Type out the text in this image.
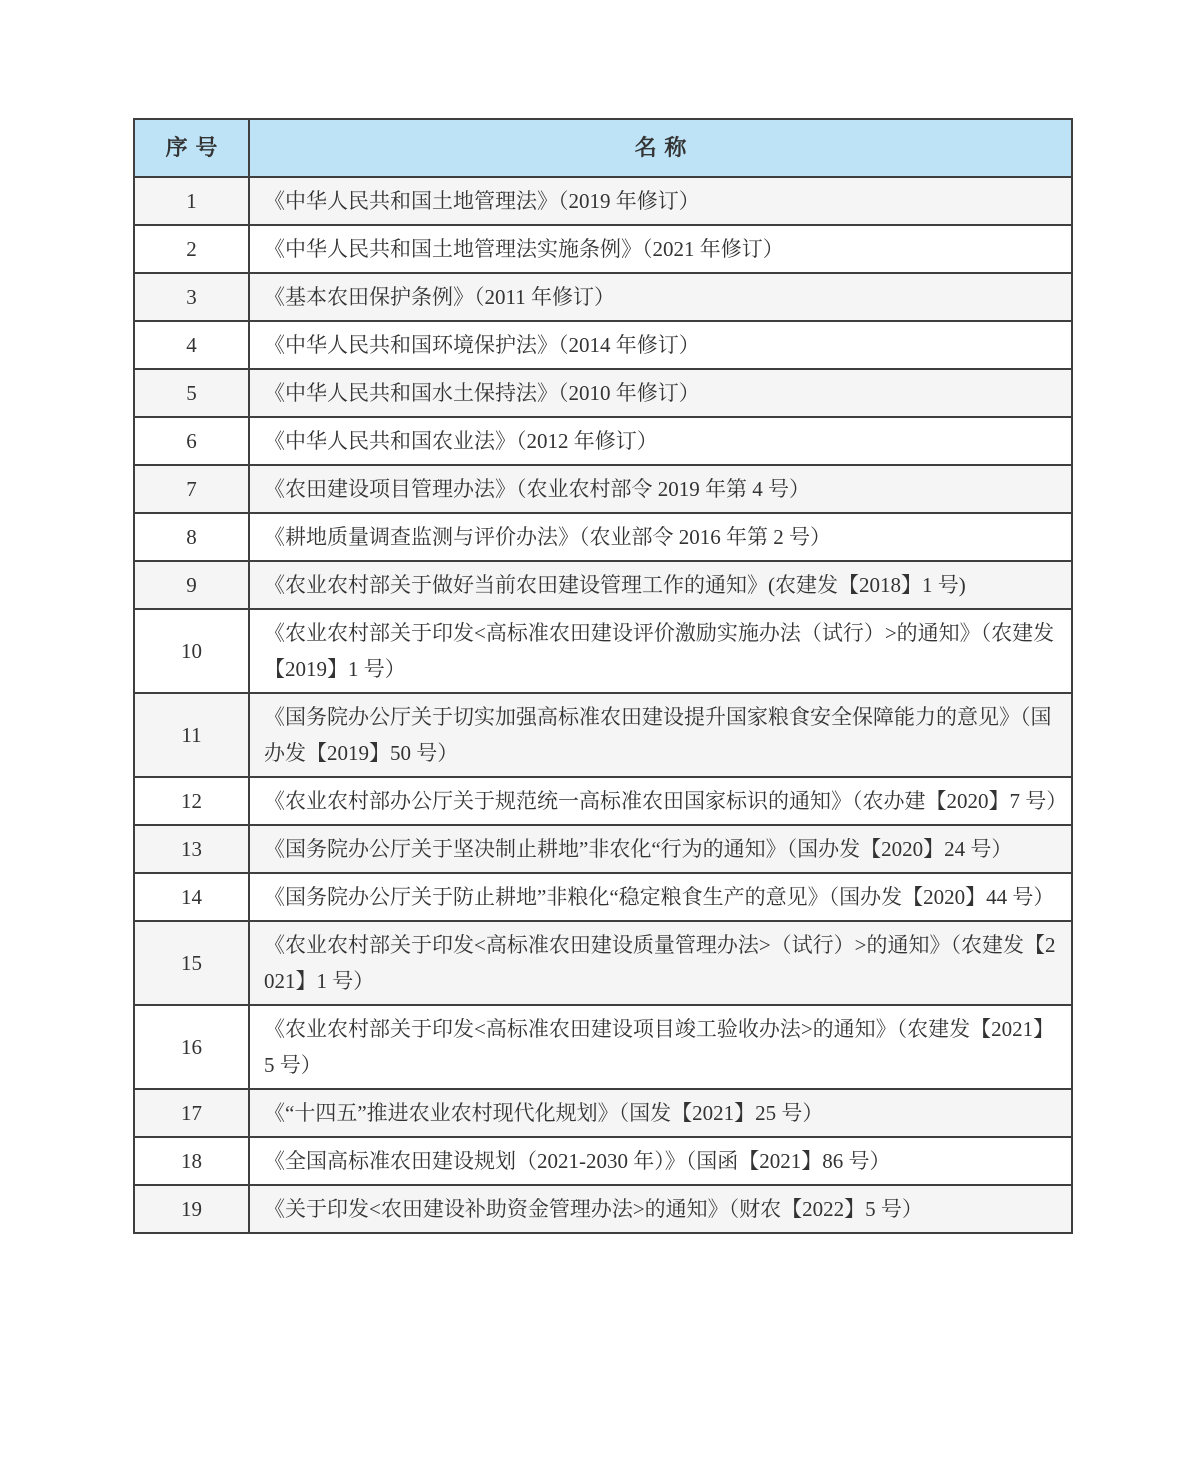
序号	名称
1	《中华人民共和国土地管理法》（2019 年修订）
2	《中华人民共和国土地管理法实施条例》（2021 年修订）
3	《基本农田保护条例》（2011 年修订）
4	《中华人民共和国环境保护法》（2014 年修订）
5	《中华人民共和国水土保持法》（2010 年修订）
6	《中华人民共和国农业法》（2012 年修订）
7	《农田建设项目管理办法》（农业农村部令 2019 年第 4 号）
8	《耕地质量调查监测与评价办法》（农业部令 2016 年第 2 号）
9	《农业农村部关于做好当前农田建设管理工作的通知》(农建发【2018】1 号)
10	《农业农村部关于印发<高标准农田建设评价激励实施办法（试行）>的通知》（农建发【2019】1 号）
11	《国务院办公厅关于切实加强高标准农田建设提升国家粮食安全保障能力的意见》（国办发【2019】50 号）
12	《农业农村部办公厅关于规范统一高标准农田国家标识的通知》（农办建【2020】7 号）
13	《国务院办公厅关于坚决制止耕地”非农化“行为的通知》（国办发【2020】24 号）
14	《国务院办公厅关于防止耕地”非粮化“稳定粮食生产的意见》（国办发【2020】44 号）
15	《农业农村部关于印发<高标准农田建设质量管理办法>（试行）>的通知》（农建发【2021】1 号）
16	《农业农村部关于印发<高标准农田建设项目竣工验收办法>的通知》（农建发【2021】5 号）
17	《“十四五”推进农业农村现代化规划》（国发【2021】25 号）
18	《全国高标准农田建设规划（2021-2030 年）》（国函【2021】86 号）
19	《关于印发<农田建设补助资金管理办法>的通知》（财农【2022】5 号）
